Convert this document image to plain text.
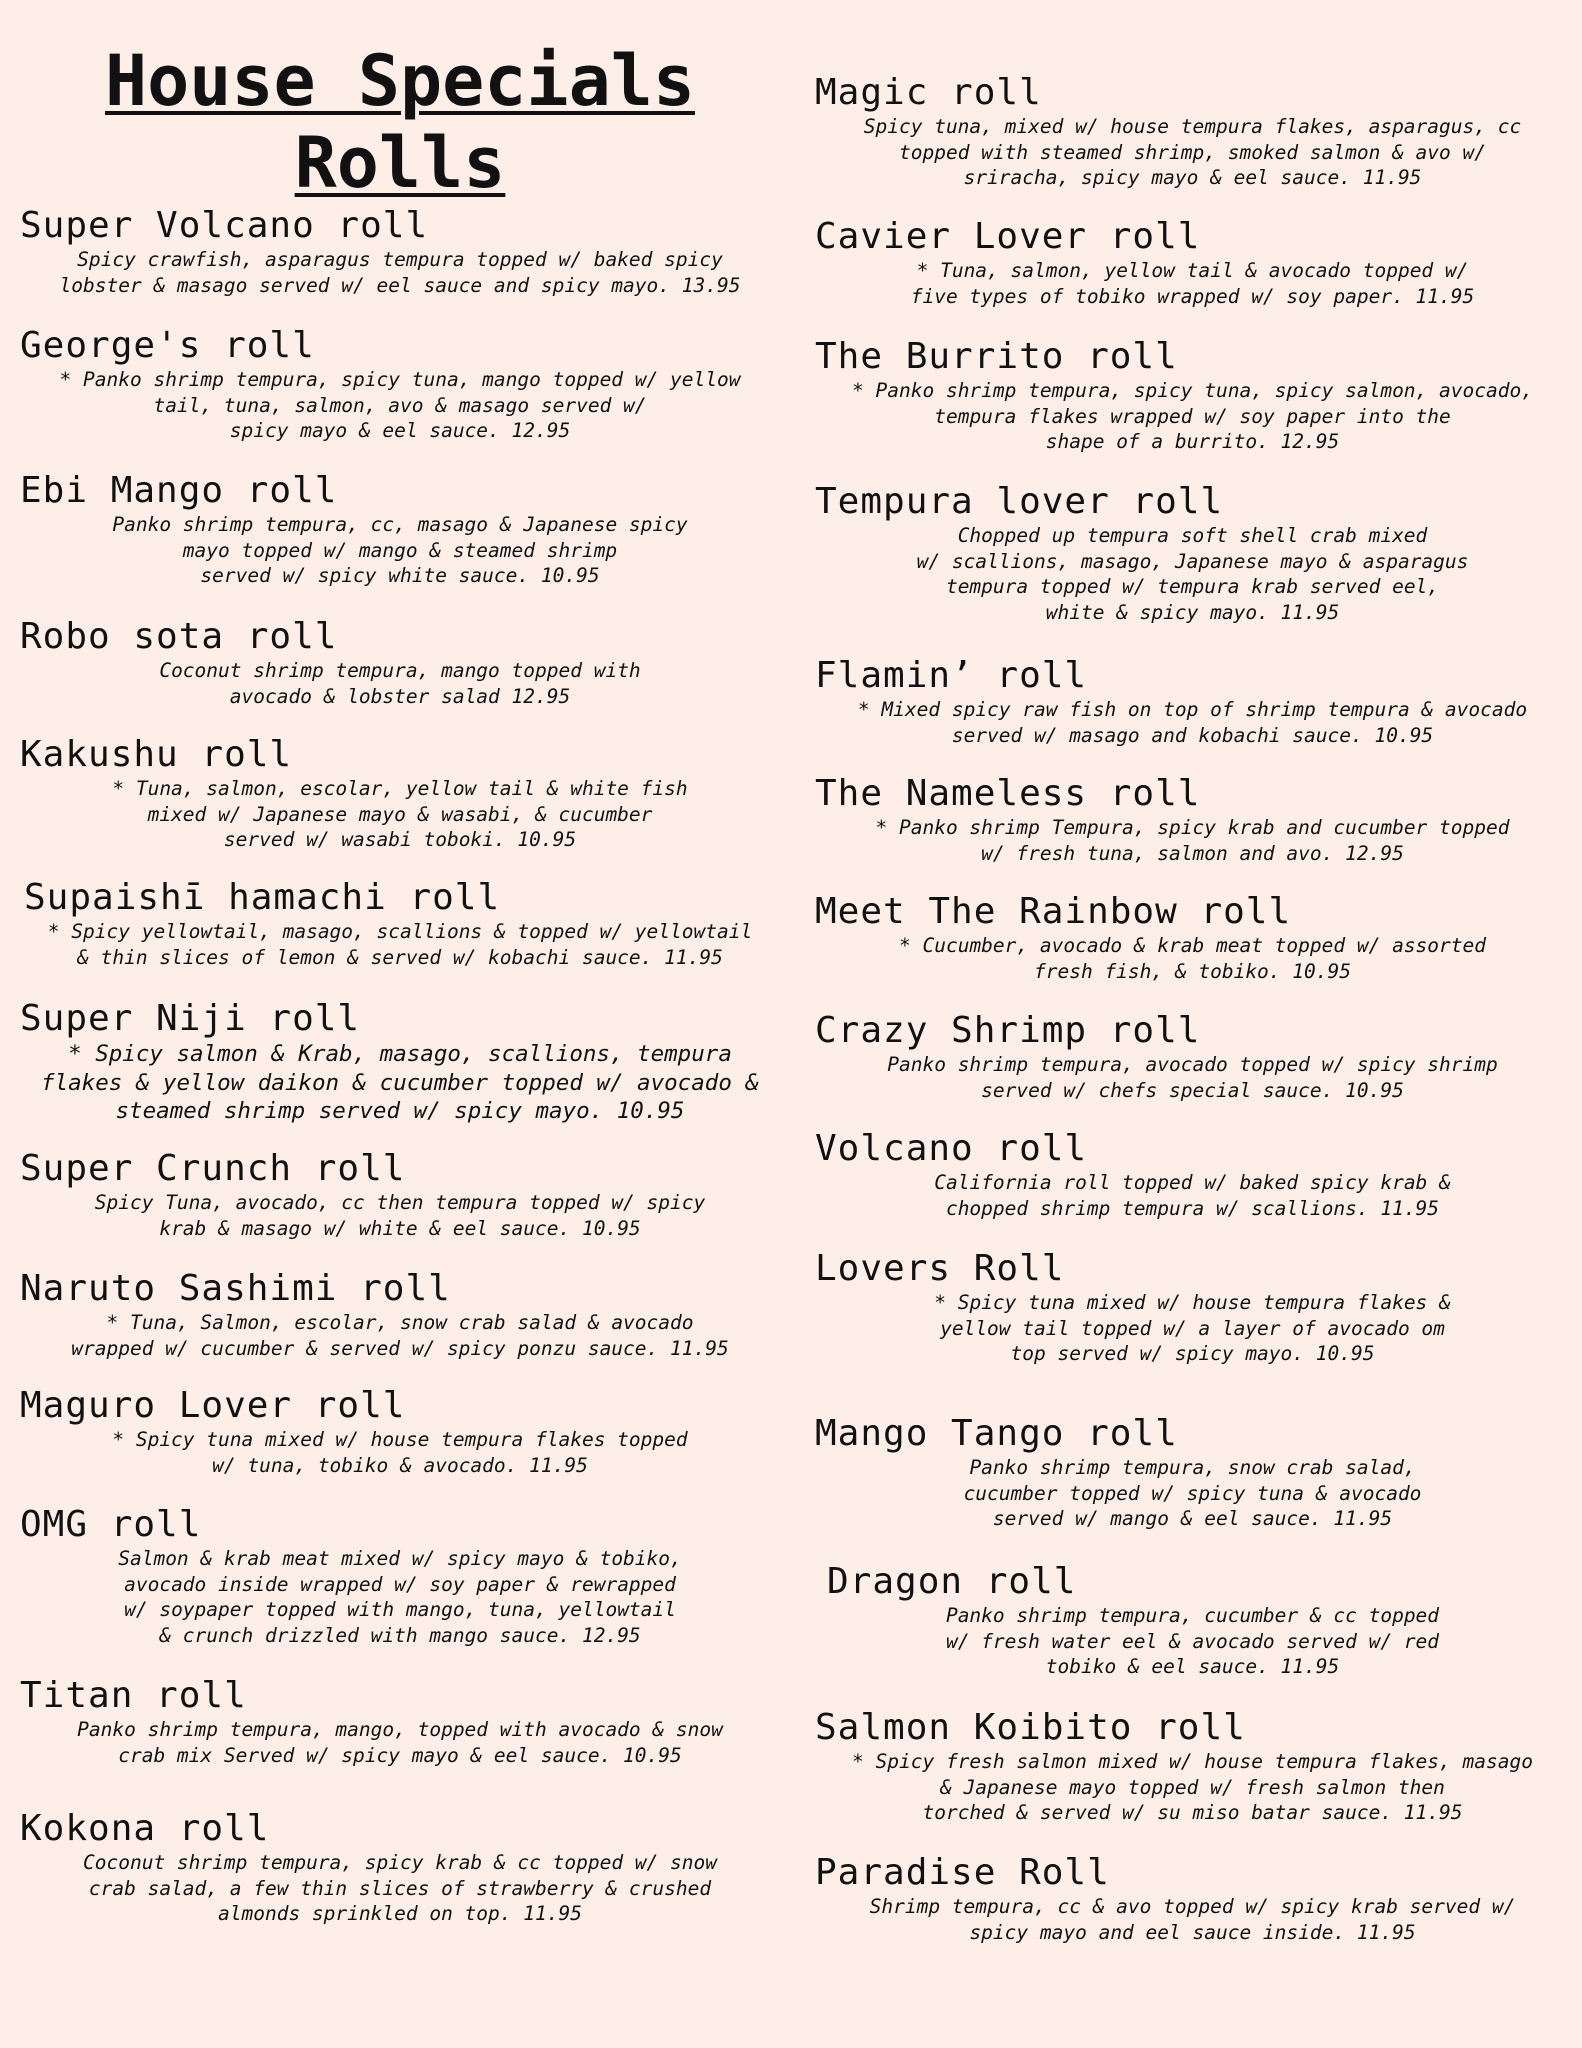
House Specials
Rolls
Super Volcano roll
Spicy crawfish, asparagus tempura topped w/ baked spicy
lobster & masago served w/ eel sauce and spicy mayo. 13.95
George's roll
* Panko shrimp tempura, spicy tuna, mango topped w/ yellow
tail, tuna, salmon, avo & masago served w/
spicy mayo & eel sauce. 12.95
Ebi Mango roll
Panko shrimp tempura, cc, masago & Japanese spicy
mayo topped w/ mango & steamed shrimp
served w/ spicy white sauce. 10.95
Robo sota roll
Coconut shrimp tempura, mango topped with
avocado & lobster salad 12.95
Kakushu roll
* Tuna, salmon, escolar, yellow tail & white fish
mixed w/ Japanese mayo & wasabi, & cucumber
served w/ wasabi toboki. 10.95
Supaishī hamachi roll
* Spicy yellowtail, masago, scallions & topped w/ yellowtail
& thin slices of lemon & served w/ kobachi sauce. 11.95
Super Niji roll
* Spicy salmon & Krab, masago, scallions, tempura
flakes & yellow daikon & cucumber topped w/ avocado &
steamed shrimp served w/ spicy mayo. 10.95
Super Crunch roll
Spicy Tuna, avocado, cc then tempura topped w/ spicy
krab & masago w/ white & eel sauce. 10.95
Naruto Sashimi roll
* Tuna, Salmon, escolar, snow crab salad & avocado
wrapped w/ cucumber & served w/ spicy ponzu sauce. 11.95
Maguro Lover roll
* Spicy tuna mixed w/ house tempura flakes topped
w/ tuna, tobiko & avocado. 11.95
OMG roll
Salmon & krab meat mixed w/ spicy mayo & tobiko,
avocado inside wrapped w/ soy paper & rewrapped
w/ soypaper topped with mango, tuna, yellowtail
& crunch drizzled with mango sauce. 12.95
Titan roll
Panko shrimp tempura, mango, topped with avocado & snow
crab mix Served w/ spicy mayo & eel sauce. 10.95
Kokona roll
Coconut shrimp tempura, spicy krab & cc topped w/ snow
crab salad, a few thin slices of strawberry & crushed
almonds sprinkled on top. 11.95
Magic roll
Spicy tuna, mixed w/ house tempura flakes, asparagus, cc
topped with steamed shrimp, smoked salmon & avo w/
sriracha, spicy mayo & eel sauce. 11.95
Cavier Lover roll
* Tuna, salmon, yellow tail & avocado topped w/
five types of tobiko wrapped w/ soy paper. 11.95
The Burrito roll
* Panko shrimp tempura, spicy tuna, spicy salmon, avocado,
tempura flakes wrapped w/ soy paper into the
shape of a burrito. 12.95
Tempura lover roll
Chopped up tempura soft shell crab mixed
w/ scallions, masago, Japanese mayo & asparagus
tempura topped w/ tempura krab served eel,
white & spicy mayo. 11.95
Flamin’ roll
* Mixed spicy raw fish on top of shrimp tempura & avocado
served w/ masago and kobachi sauce. 10.95
The Nameless roll
* Panko shrimp Tempura, spicy krab and cucumber topped
w/ fresh tuna, salmon and avo. 12.95
Meet The Rainbow roll
* Cucumber, avocado & krab meat topped w/ assorted
fresh fish, & tobiko. 10.95
Crazy Shrimp roll
Panko shrimp tempura, avocado topped w/ spicy shrimp
served w/ chefs special sauce. 10.95
Volcano roll
California roll topped w/ baked spicy krab &
chopped shrimp tempura w/ scallions. 11.95
Lovers Roll
* Spicy tuna mixed w/ house tempura flakes &
yellow tail topped w/ a layer of avocado om
top served w/ spicy mayo. 10.95
Mango Tango roll
Panko shrimp tempura, snow crab salad,
cucumber topped w/ spicy tuna & avocado
served w/ mango & eel sauce. 11.95
Dragon roll
Panko shrimp tempura, cucumber & cc topped
w/ fresh water eel & avocado served w/ red
tobiko & eel sauce. 11.95
Salmon Koibito roll
* Spicy fresh salmon mixed w/ house tempura flakes, masago
& Japanese mayo topped w/ fresh salmon then
torched & served w/ su miso batar sauce. 11.95
Paradise Roll
Shrimp tempura, cc & avo topped w/ spicy krab served w/
spicy mayo and eel sauce inside. 11.95
